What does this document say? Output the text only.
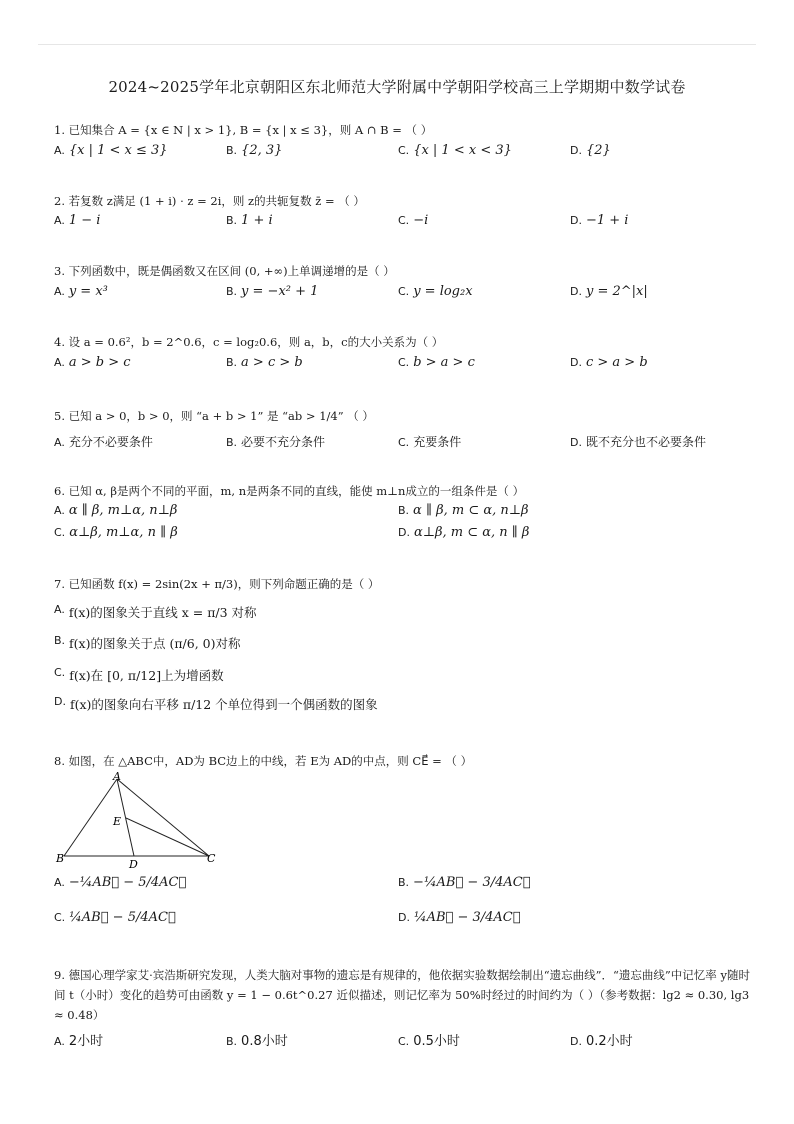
2024~2025学年北京朝阳区东北师范大学附属中学朝阳学校高三上学期期中数学试卷
1. 已知集合 A = {x ∈ N | x > 1}, B = {x | x ≤ 3}，则 A ∩ B = （ ）
A. {x | 1 < x ≤ 3}	B. {2, 3}	C. {x | 1 < x < 3}	D. {2}
2. 若复数 z满足 (1 + i) · z = 2i，则 z的共轭复数 z̄ = （ ）
A. 1 − i	B. 1 + i	C. −i	D. −1 + i
3. 下列函数中，既是偶函数又在区间 (0, +∞)上单调递增的是（ ）
A. y = x³	B. y = −x² + 1	C. y = log₂x	D. y = 2^|x|
4. 设 a = 0.6²，b = 2^0.6，c = log₂0.6，则 a，b，c的大小关系为（ ）
A. a > b > c	B. a > c > b	C. b > a > c	D. c > a > b
5. 已知 a > 0，b > 0，则 “a + b > 1” 是 “ab > 1/4” （ ）
A. 充分不必要条件	B. 必要不充分条件	C. 充要条件	D. 既不充分也不必要条件
6. 已知 α, β是两个不同的平面，m, n是两条不同的直线，能使 m⊥n成立的一组条件是（ ）
A. α ∥ β, m⊥α, n⊥β	B. α ∥ β, m ⊂ α, n⊥β
C. α⊥β, m⊥α, n ∥ β	D. α⊥β, m ⊂ α, n ∥ β
7. 已知函数 f(x) = 2sin(2x + π/3)，则下列命题正确的是（ ）
A. f(x)的图象关于直线 x = π/3 对称
B. f(x)的图象关于点 (π/6, 0)对称
C. f(x)在 [0, π/12]上为增函数
D. f(x)的图象向右平移 π/12 个单位得到一个偶函数的图象
8. 如图，在 △ABC中，AD为 BC边上的中线，若 E为 AD的中点，则 CE⃗ = （ ）
A
E
B	D	C
A. −¼AB⃗ − 5/4AC⃗	B. −¼AB⃗ − 3/4AC⃗
C. ¼AB⃗ − 5/4AC⃗	D. ¼AB⃗ − 3/4AC⃗
9. 德国心理学家艾·宾浩斯研究发现，人类大脑对事物的遗忘是有规律的，他依据实验数据绘制出“遗忘曲线”．“遗忘曲线”中记忆率 y随时间 t（小时）变化的趋势可由函数 y = 1 − 0.6t^0.27 近似描述，则记忆率为 50%时经过的时间约为（ ）（参考数据：lg2 ≈ 0.30, lg3 ≈ 0.48）
A. 2小时	B. 0.8小时	C. 0.5小时	D. 0.2小时
